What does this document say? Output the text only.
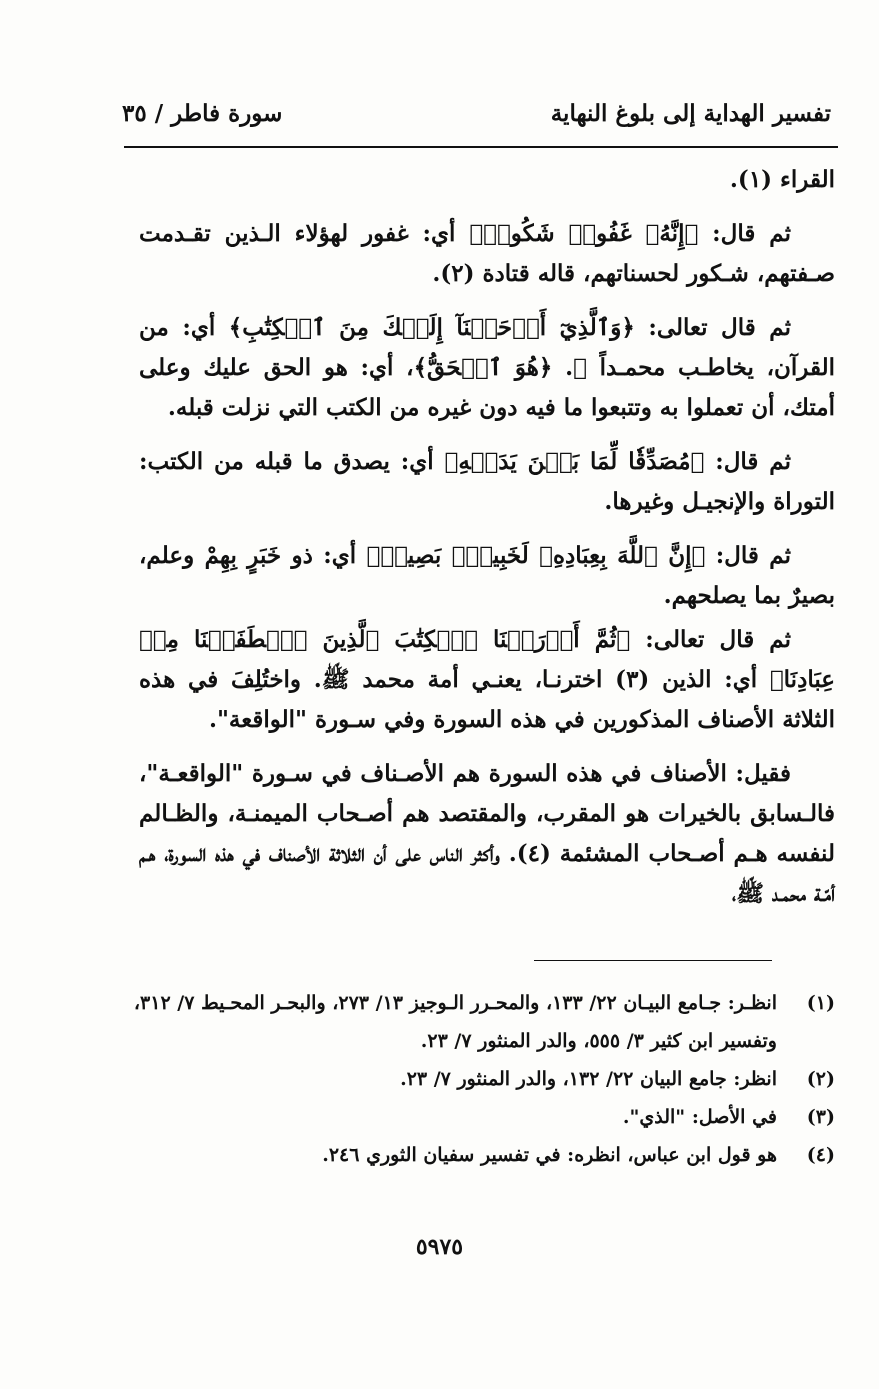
تفسير الهداية إلى بلوغ النهاية
سورة فاطر / ٣٥

القراء (١).

ثم قال: ﴿إِنَّهُۥ غَفُورٞ شَكُورٞ﴾ أي: غفور لهؤلاء الـذين تقـدمت صـفتهم، شـكور لحسناتهم، قاله قتادة (٢).

ثم قال تعالى: ﴿وَٱلَّذِيٓ أَوۡحَيۡنَآ إِلَيۡكَ مِنَ ٱلۡكِتَٰبِ﴾ أي: من القرآن، يخاطـب محمـداً ﷺ. ﴿هُوَ ٱلۡحَقُّ﴾، أي: هو الحق عليك وعلى أمتك، أن تعملوا به وتتبعوا ما فيه دون غيره من الكتب التي نزلت قبله.

ثم قال: ﴿مُصَدِّقٗا لِّمَا بَيۡنَ يَدَيۡهِ﴾ أي: يصدق ما قبله من الكتب: التوراة والإنجيـل وغيرها.

ثم قال: ﴿إِنَّ ٱللَّهَ بِعِبَادِهِۦ لَخَبِيرُۢ بَصِيرٞ﴾ أي: ذو خَبَرٍ بِهِمْ وعلم، بصيرٌ بما يصلحهم.

ثم قال تعالى: ﴿ثُمَّ أَوۡرَثۡنَا ٱلۡكِتَٰبَ ٱلَّذِينَ ٱصۡطَفَيۡنَا مِنۡ عِبَادِنَا﴾ أي: الذين (٣) اخترنـا، يعنـي أمة محمد ﷺ. واختُلِفَ في هذه الثلاثة الأصناف المذكورين في هذه السورة وفي سـورة "الواقعة".

فقيل: الأصناف في هذه السورة هم الأصـناف في سـورة "الواقعـة"، فالـسابق بالخيرات هو المقرب، والمقتصد هم أصـحاب الميمنـة، والظـالم لنفسه هـم أصـحاب المشئمة (٤). وأكثر الناس على أن الثلاثة الأصناف في هذه السورة، هـم أمّـة محمـد ﷺ،

(١)
انظـر: جـامع البيـان ٢٢/ ١٣٣، والمحـرر الـوجيز ١٣/ ٢٧٣، والبحـر المحـيط ٧/ ٣١٢، وتفسير ابن كثير ٣/ ٥٥٥، والدر المنثور ٧/ ٢٣.
(٢)
انظر: جامع البيان ٢٢/ ١٣٢، والدر المنثور ٧/ ٢٣.
(٣)
في الأصل: "الذي".
(٤)
هو قول ابن عباس، انظره: في تفسير سفيان الثوري ٢٤٦.
٥٩٧٥
